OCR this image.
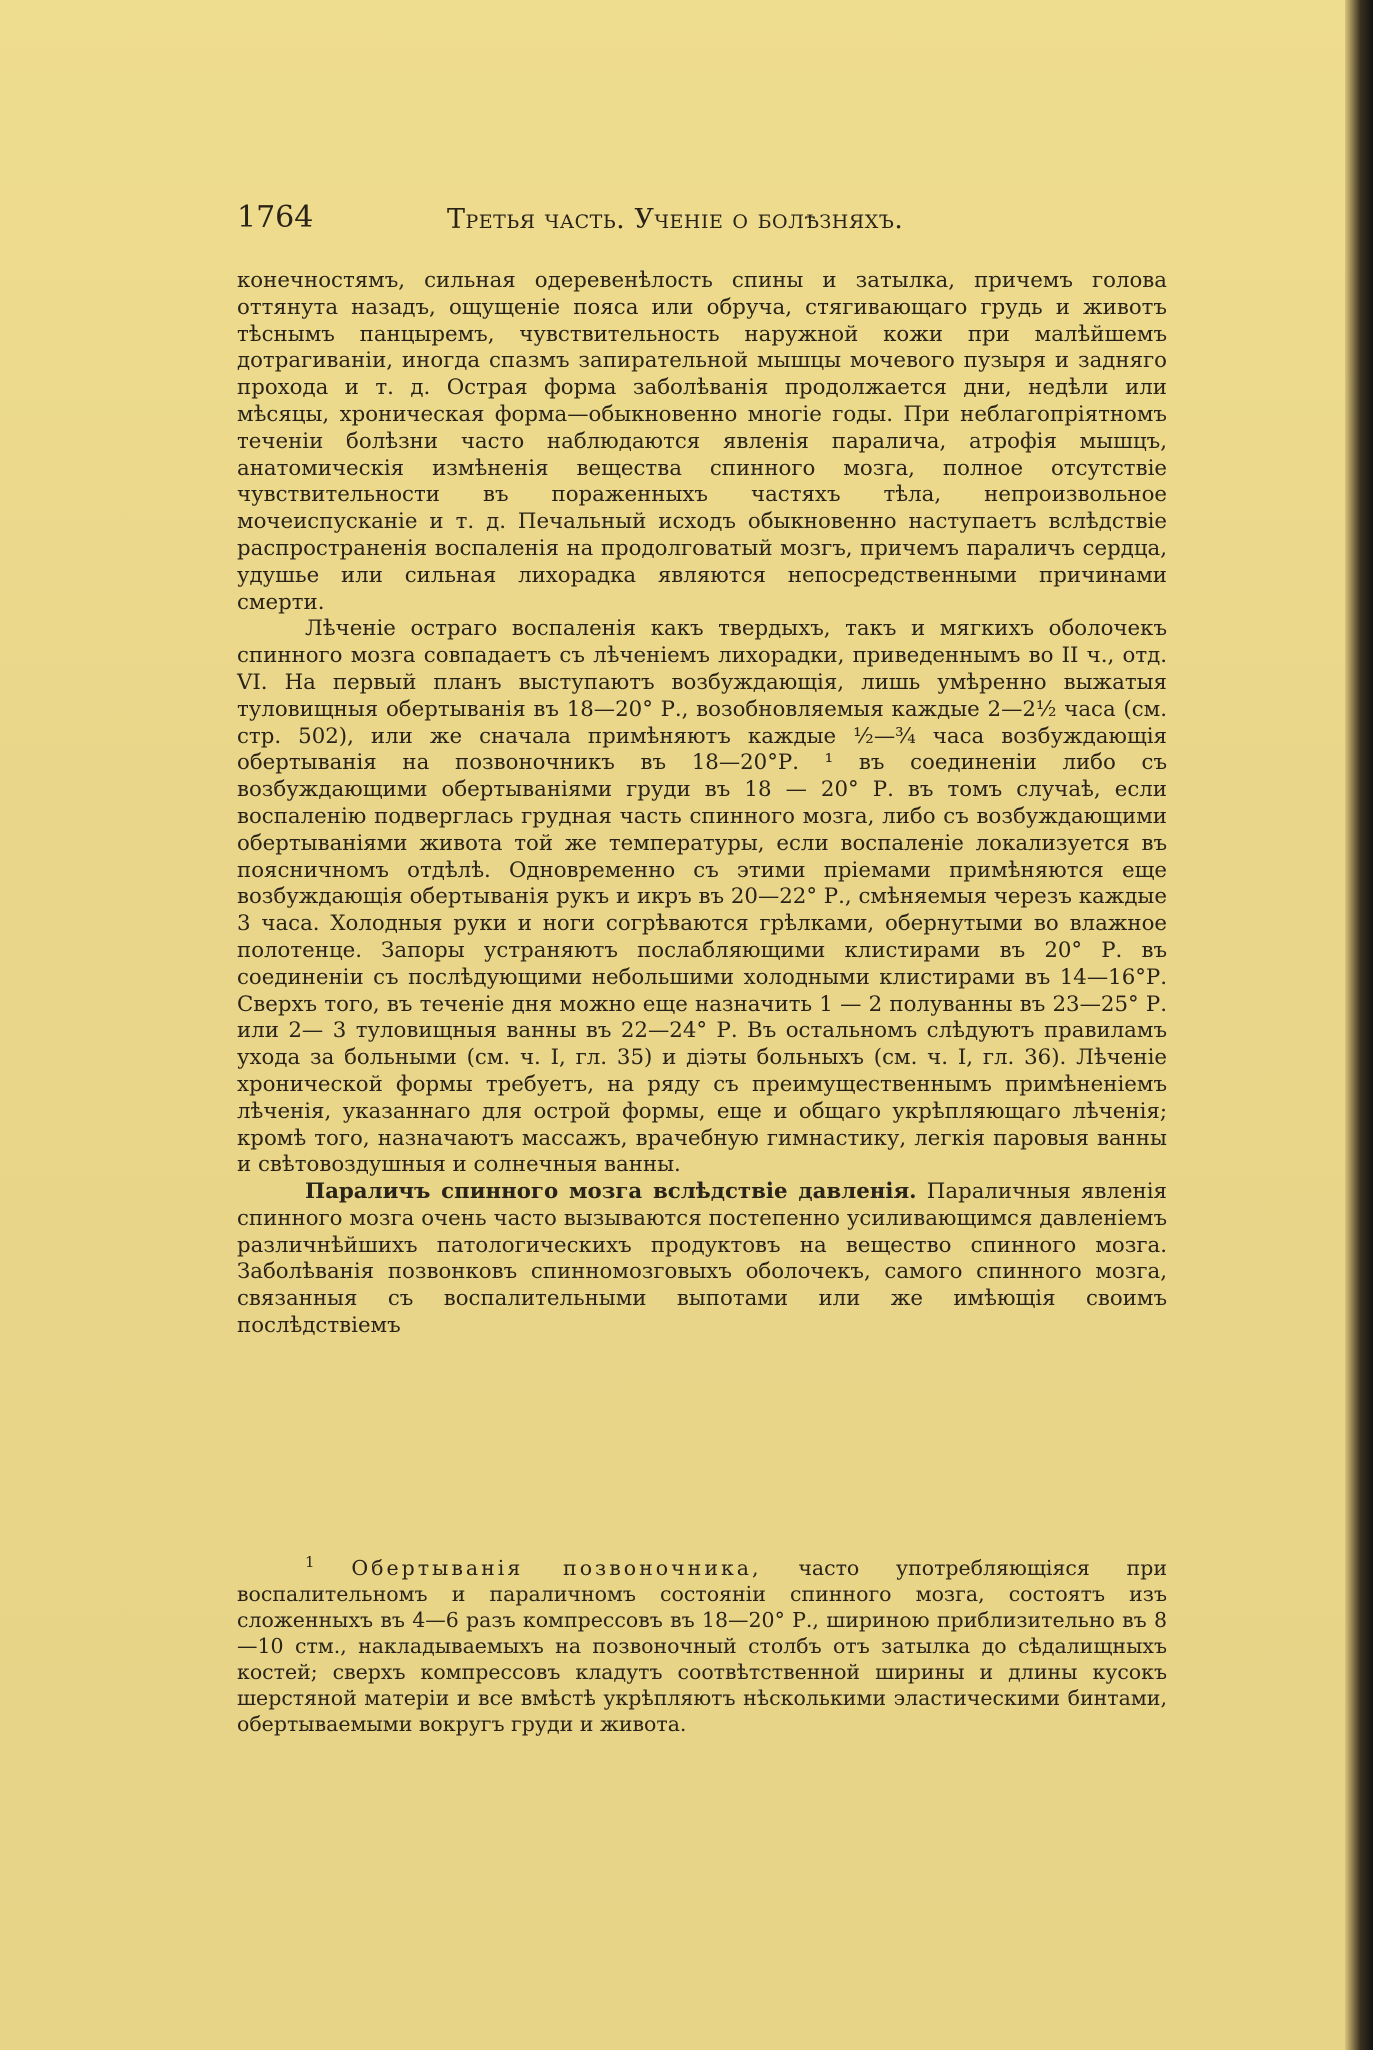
1764	Третья часть. Ученіе о болѣзняхъ.

конечностямъ, сильная одеревенѣлость спины и затылка, причемъ голова оттянута назадъ, ощущеніе пояса или обруча, стягивающаго грудь и животъ тѣснымъ панцыремъ, чувствительность наружной кожи при малѣйшемъ дотрагиваніи, иногда спазмъ запирательной мышцы мочевого пузыря и задняго прохода и т. д. Острая форма заболѣванія продолжается дни, недѣли или мѣсяцы, хроническая форма—обыкновенно многіе годы. При неблагопріятномъ теченіи болѣзни часто наблюдаются явленія паралича, атрофія мышцъ, анатомическія измѣненія вещества спинного мозга, полное отсутствіе чувствительности въ пораженныхъ частяхъ тѣла, непроизвольное мочеиспусканіе и т. д. Печальный исходъ обыкновенно наступаетъ вслѣдствіе распространенія воспаленія на продолговатый мозгъ, причемъ параличъ сердца, удушье или сильная лихорадка являются непосредственными причинами смерти.

Лѣченіе остраго воспаленія какъ твердыхъ, такъ и мягкихъ оболочекъ спинного мозга совпадаетъ съ лѣченіемъ лихорадки, приведеннымъ во II ч., отд. VI. На первый планъ выступаютъ возбуждающія, лишь умѣренно выжатыя туловищныя обертыванія въ 18—20° Р., возобновляемыя каждые 2—2½ часа (см. стр. 502), или же сначала примѣняютъ каждые ½—¾ часа возбуждающія обертыванія на позвоночникъ въ 18—20°Р. ¹ въ соединеніи либо съ возбуждающими обертываніями груди въ 18 — 20° Р. въ томъ случаѣ, если воспаленію подверглась грудная часть спинного мозга, либо съ возбуждающими обертываніями живота той же температуры, если воспаленіе локализуется въ поясничномъ отдѣлѣ. Одновременно съ этими пріемами примѣняются еще возбуждающія обертыванія рукъ и икръ въ 20—22° Р., смѣняемыя черезъ каждые 3 часа. Холодныя руки и ноги согрѣваются грѣлками, обернутыми во влажное полотенце. Запоры устраняютъ послабляющими клистирами въ 20° Р. въ соединеніи съ послѣдующими небольшими холодными клистирами въ 14—16°Р. Сверхъ того, въ теченіе дня можно еще назначить 1 — 2 полуванны въ 23—25° Р. или 2— 3 туловищныя ванны въ 22—24° Р. Въ остальномъ слѣдуютъ правиламъ ухода за больными (см. ч. I, гл. 35) и діэты больныхъ (см. ч. I, гл. 36). Лѣченіе хронической формы требуетъ, на ряду съ преимущественнымъ примѣненіемъ лѣченія, указаннаго для острой формы, еще и общаго укрѣпляющаго лѣченія; кромѣ того, назначаютъ массажъ, врачебную гимнастику, легкія паровыя ванны и свѣтовоздушныя и солнечныя ванны.

Параличъ спинного мозга вслѣдствіе давленія. Параличныя явленія спинного мозга очень часто вызываются постепенно усиливающимся давленіемъ различнѣйшихъ патологическихъ продуктовъ на вещество спинного мозга. Заболѣванія позвонковъ спинномозговыхъ оболочекъ, самого спинного мозга, связанныя съ воспалительными выпотами или же имѣющія своимъ послѣдствіемъ

$^1$ Обертыванія позвоночника, часто употребляющіяся при воспалительномъ и параличномъ состояніи спинного мозга, состоятъ изъ сложенныхъ въ 4—6 разъ компрессовъ въ 18—20° Р., шириною приблизительно въ 8—10 стм., накладываемыхъ на позвоночный столбъ отъ затылка до сѣдалищныхъ костей; сверхъ компрессовъ кладутъ соотвѣтственной ширины и длины кусокъ шерстяной матеріи и все вмѣстѣ укрѣпляютъ нѣсколькими эластическими бинтами, обертываемыми вокругъ груди и живота.
